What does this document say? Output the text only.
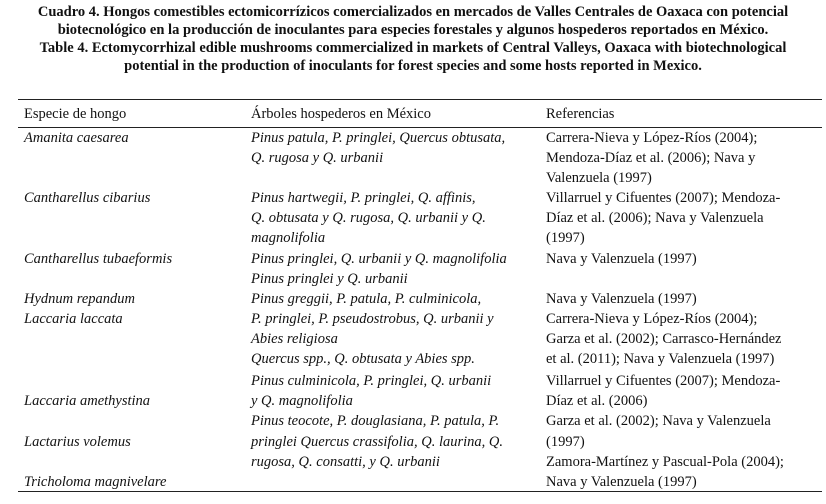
Cuadro 4. Hongos comestibles ectomicorrízicos comercializados en mercados de Valles Centrales de Oaxaca con potencial
biotecnológico en la producción de inoculantes para especies forestales y algunos hospederos reportados en México.
Table 4. Ectomycorrhizal edible mushrooms commercialized in markets of Central Valleys, Oaxaca with biotechnological
potential in the production of inoculants for forest species and some hosts reported in Mexico.
Especie de hongo	Árboles hospederos en México	Referencias
Amanita caesarea
Cantharellus cibarius
Cantharellus tubaeformis
Hydnum repandum
Laccaria laccata
Laccaria amethystina
Lactarius volemus
Tricholoma magnivelare
Pinus patula, P. pringlei, Quercus obtusata,
Q. rugosa y Q. urbanii
Pinus hartwegii, P. pringlei, Q. affinis,
Q. obtusata y Q. rugosa, Q. urbanii y Q.
magnolifolia
Pinus pringlei, Q. urbanii y Q. magnolifolia
Pinus pringlei y Q. urbanii
Pinus greggii, P. patula, P. culminicola,
P. pringlei, P. pseudostrobus, Q. urbanii y
Abies religiosa
Quercus spp., Q. obtusata y Abies spp.
Pinus culminicola, P. pringlei, Q. urbanii
y Q. magnolifolia
Pinus teocote, P. douglasiana, P. patula, P.
pringlei Quercus crassifolia, Q. laurina, Q.
rugosa, Q. consatti, y Q. urbanii
Carrera-Nieva y López-Ríos (2004);
Mendoza-Díaz et al. (2006); Nava y
Valenzuela (1997)
Villarruel y Cifuentes (2007); Mendoza-
Díaz et al. (2006); Nava y Valenzuela
(1997)
Nava y Valenzuela (1997)
Nava y Valenzuela (1997)
Carrera-Nieva y López-Ríos (2004);
Garza et al. (2002); Carrasco-Hernández
et al. (2011); Nava y Valenzuela (1997)
Villarruel y Cifuentes (2007); Mendoza-
Díaz et al. (2006)
Garza et al. (2002); Nava y Valenzuela
(1997)
Zamora-Martínez y Pascual-Pola (2004);
Nava y Valenzuela (1997)
